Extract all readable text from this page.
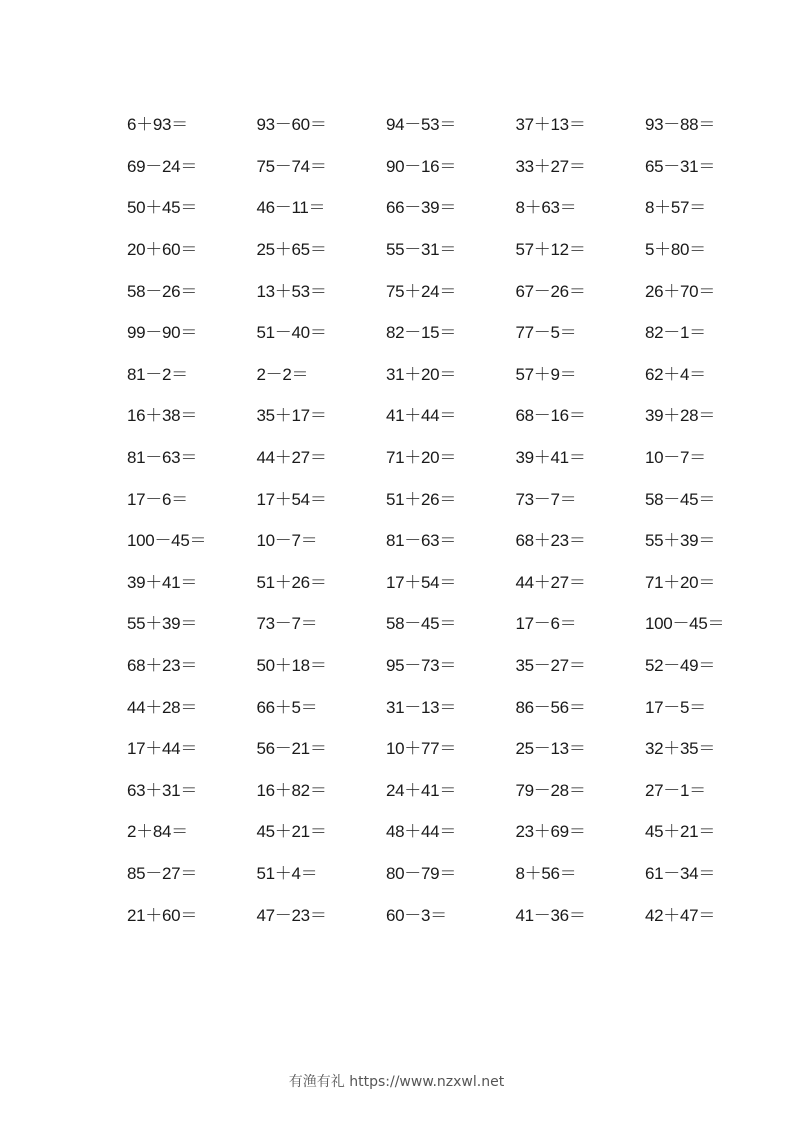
6＋93＝	93－60＝	94－53＝	37＋13＝	93－88＝
69－24＝	75－74＝	90－16＝	33＋27＝	65－31＝
50＋45＝	46－11＝	66－39＝	8＋63＝	8＋57＝
20＋60＝	25＋65＝	55－31＝	57＋12＝	5＋80＝
58－26＝	13＋53＝	75＋24＝	67－26＝	26＋70＝
99－90＝	51－40＝	82－15＝	77－5＝	82－1＝
81－2＝	2－2＝	31＋20＝	57＋9＝	62＋4＝
16＋38＝	35＋17＝	41＋44＝	68－16＝	39＋28＝
81－63＝	44＋27＝	71＋20＝	39＋41＝	10－7＝
17－6＝	17＋54＝	51＋26＝	73－7＝	58－45＝
100－45＝	10－7＝	81－63＝	68＋23＝	55＋39＝
39＋41＝	51＋26＝	17＋54＝	44＋27＝	71＋20＝
55＋39＝	73－7＝	58－45＝	17－6＝	100－45＝
68＋23＝	50＋18＝	95－73＝	35－27＝	52－49＝
44＋28＝	66＋5＝	31－13＝	86－56＝	17－5＝
17＋44＝	56－21＝	10＋77＝	25－13＝	32＋35＝
63＋31＝	16＋82＝	24＋41＝	79－28＝	27－1＝
2＋84＝	45＋21＝	48＋44＝	23＋69＝	45＋21＝
85－27＝	51＋4＝	80－79＝	8＋56＝	61－34＝
21＋60＝	47－23＝	60－3＝	41－36＝	42＋47＝
有渔有礼 https://www.nzxwl.net
